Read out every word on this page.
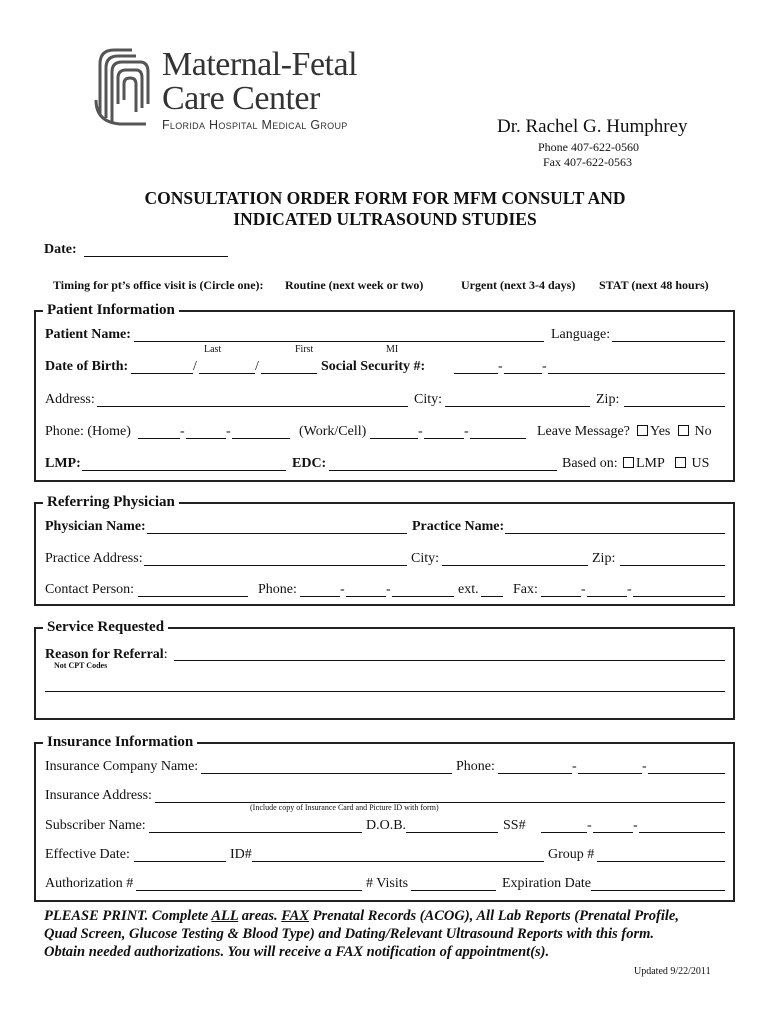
Maternal-Fetal
Care Center
Florida Hospital Medical Group	Dr. Rachel G. Humphrey
Phone 407-622-0560
Fax 407-622-0563
CONSULTATION ORDER FORM FOR MFM CONSULT AND
INDICATED ULTRASOUND STUDIES
Date:
Timing for pt’s office visit is (Circle one): Routine (next week or two)	Urgent (next 3-4 days) STAT (next 48 hours)
Patient Information
Patient Name:	Language:
Last	First	MI
Date of Birth:	/	/	Social Security #:	-	-
Address:	City:	Zip:
Phone: (Home)	-	-	(Work/Cell)	-	-	Leave Message?	Yes	No
LMP:	EDC:	Based on:	LMP	US
Referring Physician
Physician Name:	Practice Name:
Practice Address:	City:	Zip:
Contact Person:	Phone:	-	-	ext. Fax:	-	-
Service Requested
Reason for Referral:
Not CPT Codes
Insurance Information
Insurance Company Name:	Phone:	-	-
Insurance Address:
(Include copy of Insurance Card and Picture ID with form)
Subscriber Name:	D.O.B.	SS#	-	-
Effective Date:	ID#	Group #
Authorization #	# Visits	Expiration Date
PLEASE PRINT. Complete ALL areas. FAX Prenatal Records (ACOG), All Lab Reports (Prenatal Profile,
Quad Screen, Glucose Testing & Blood Type) and Dating/Relevant Ultrasound Reports with this form.
Obtain needed authorizations. You will receive a FAX notification of appointment(s).
Updated 9/22/2011
